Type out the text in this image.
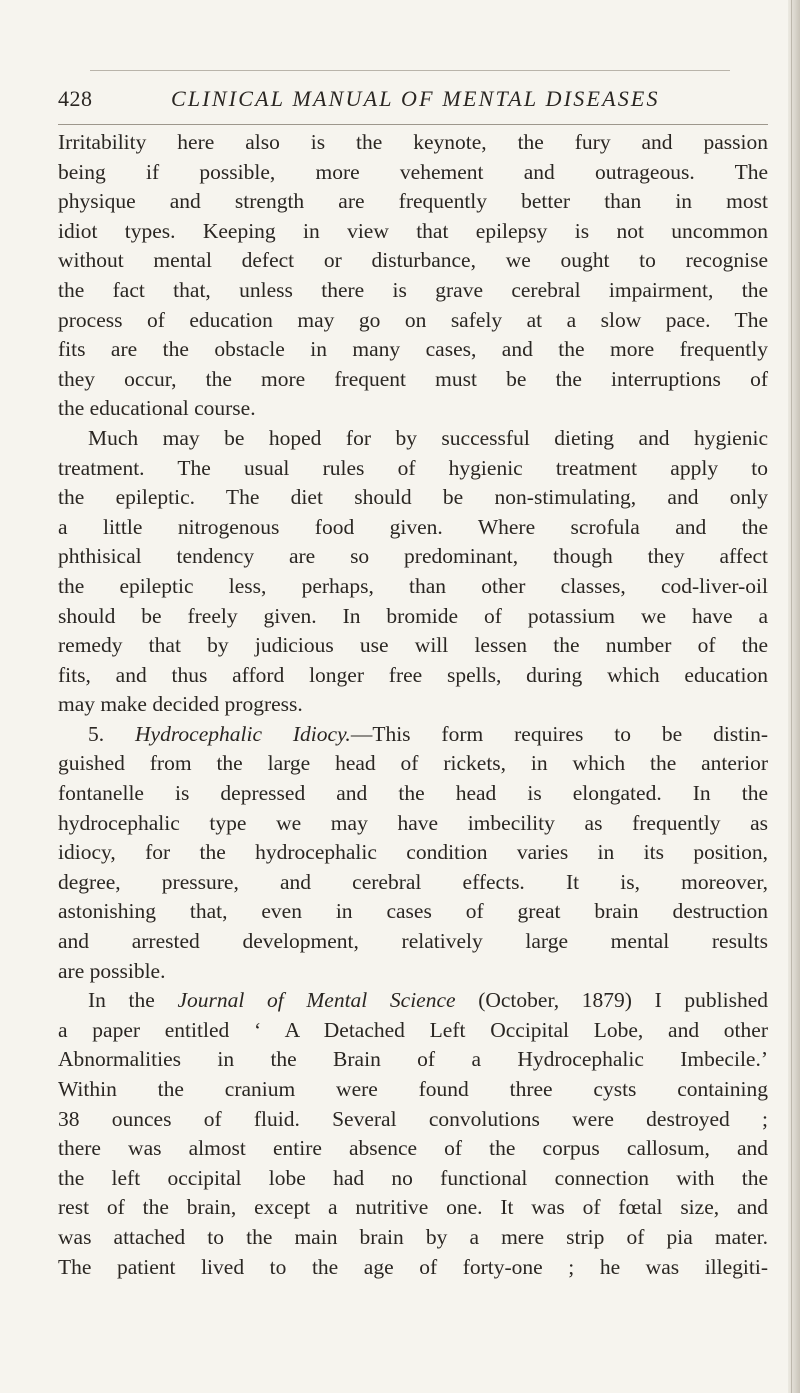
428	CLINICAL MANUAL OF MENTAL DISEASES
Irritability here also is the keynote, the fury and passion
being if possible, more vehement and outrageous. The
physique and strength are frequently better than in most
idiot types. Keeping in view that epilepsy is not uncommon
without mental defect or disturbance, we ought to recognise
the fact that, unless there is grave cerebral impairment, the
process of education may go on safely at a slow pace. The
fits are the obstacle in many cases, and the more frequently
they occur, the more frequent must be the interruptions of
the educational course.
Much may be hoped for by successful dieting and hygienic
treatment. The usual rules of hygienic treatment apply to
the epileptic. The diet should be non-stimulating, and only
a little nitrogenous food given. Where scrofula and the
phthisical tendency are so predominant, though they affect
the epileptic less, perhaps, than other classes, cod-liver-oil
should be freely given. In bromide of potassium we have a
remedy that by judicious use will lessen the number of the
fits, and thus afford longer free spells, during which education
may make decided progress.
5. Hydrocephalic Idiocy.—This form requires to be distin-
guished from the large head of rickets, in which the anterior
fontanelle is depressed and the head is elongated. In the
hydrocephalic type we may have imbecility as frequently as
idiocy, for the hydrocephalic condition varies in its position,
degree, pressure, and cerebral effects. It is, moreover,
astonishing that, even in cases of great brain destruction
and arrested development, relatively large mental results
are possible.
In the Journal of Mental Science (October, 1879) I published
a paper entitled ‘ A Detached Left Occipital Lobe, and other
Abnormalities in the Brain of a Hydrocephalic Imbecile.’
Within the cranium were found three cysts containing
38 ounces of fluid. Several convolutions were destroyed ;
there was almost entire absence of the corpus callosum, and
the left occipital lobe had no functional connection with the
rest of the brain, except a nutritive one. It was of fœtal size, and
was attached to the main brain by a mere strip of pia mater.
The patient lived to the age of forty-one ; he was illegiti-
